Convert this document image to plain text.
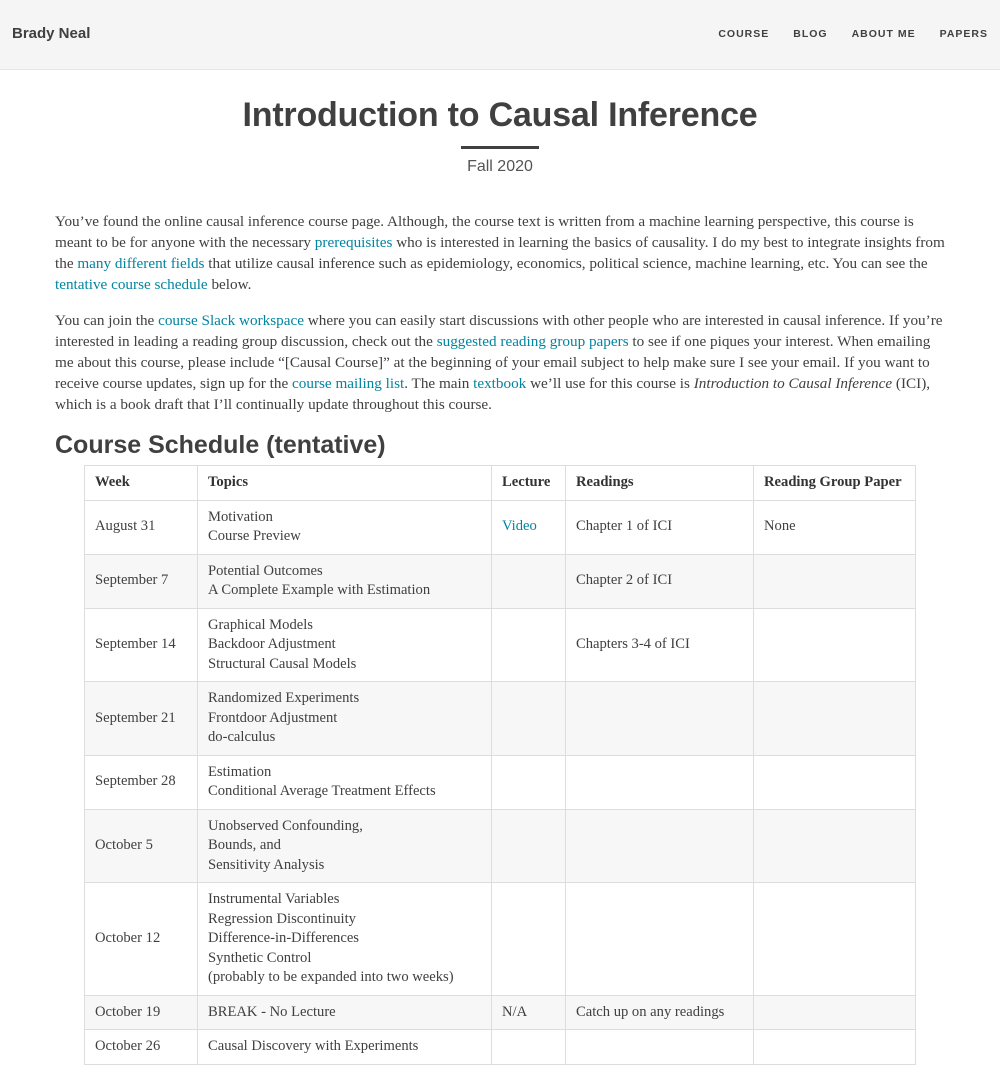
Brady Neal	COURSE BLOG ABOUT ME PAPERS
Introduction to Causal Inference
Fall 2020

You’ve found the online causal inference course page. Although, the course text is written from a machine learning perspective, this course is meant to be for anyone with the necessary prerequisites who is interested in learning the basics of causality. I do my best to integrate insights from the many different fields that utilize causal inference such as epidemiology, economics, political science, machine learning, etc. You can see the tentative course schedule below.

You can join the course Slack workspace where you can easily start discussions with other people who are interested in causal inference. If you’re interested in leading a reading group discussion, check out the suggested reading group papers to see if one piques your interest. When emailing me about this course, please include “[Causal Course]” at the beginning of your email subject to help make sure I see your email. If you want to receive course updates, sign up for the course mailing list. The main textbook we’ll use for this course is Introduction to Causal Inference (ICI), which is a book draft that I’ll continually update throughout this course.

Course Schedule (tentative)
Week	Topics	Lecture	Readings	Reading Group Paper
August 31	Motivation
Course Preview	Video	Chapter 1 of ICI	None
September 7	Potential Outcomes
A Complete Example with Estimation		Chapter 2 of ICI	
September 14	Graphical Models
Backdoor Adjustment
Structural Causal Models		Chapters 3-4 of ICI	
September 21	Randomized Experiments
Frontdoor Adjustment
do-calculus			

September 28	Estimation
Conditional Average Treatment Effects			

October 5	Unobserved Confounding,
Bounds, and
Sensitivity Analysis			

October 12	Instrumental Variables
Regression Discontinuity
Difference-in-Differences
Synthetic Control
(probably to be expanded into two weeks)			

October 19	BREAK - No Lecture	N/A	Catch up on any readings	
October 26	Causal Discovery with Experiments			
